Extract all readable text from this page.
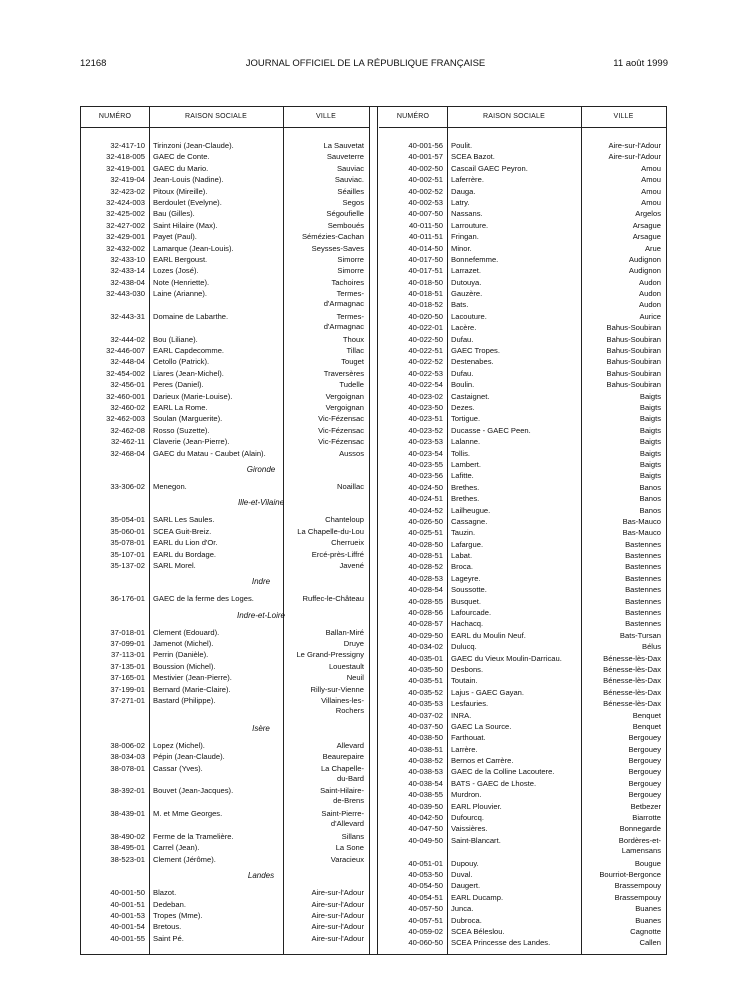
12168	JOURNAL OFFICIEL DE LA RÉPUBLIQUE FRANÇAISE	11 août 1999
NUMÉRO	RAISON SOCIALE	VILLE
32-417-10 Tirinzoni (Jean-Claude).	La Sauvetat
32-418-005 GAEC de Conte.	Sauveterre
32-419-001 GAEC du Mario.	Sauviac
32-419-04 Jean-Louis (Nadine).	Sauviac.
32-423-02 Pitoux (Mireille).	Séailles
32-424-003 Berdoulet (Evelyne).	Segos
32-425-002 Bau (Gilles).	Ségoufielle
32-427-002 Saint Hilaire (Max).	Semboués
32-429-001 Payet (Paul).	Sémézies-Cachan
32-432-002 Lamarque (Jean-Louis).	Seysses-Saves
32-433-10 EARL Bergoust.	Simorre
32-433-14 Lozes (José).	Simorre
32-438-04 Note (Henriette).	Tachoires
32-443-030 Laine (Arianne).	Termes-
d'Armagnac
32-443-31 Domaine de Labarthe.	Termes-
d'Armagnac
32-444-02 Bou (Liliane).	Thoux
32-446-007 EARL Capdecomme.	Tillac
32-448-04 Cetollo (Patrick).	Touget
32-454-002 Liares (Jean-Michel).	Traversères
32-456-01 Peres (Daniel).	Tudelle
32-460-001 Darieux (Marie-Louise).	Vergoignan
32-460-02 EARL La Rome.	Vergoignan
32-462-003 Soulan (Marguerite).	Vic-Fézensac
32-462-08 Rosso (Suzette).	Vic-Fézensac
32-462-11 Claverie (Jean-Pierre).	Vic-Fézensac
32-468-04 GAEC du Matau - Caubet (Alain).	Aussos
Gironde
33-306-02 Menegon.	Noaillac
Ille-et-Vilaine
35-054-01 SARL Les Saules.	Chanteloup
35-060-01 SCEA Guit-Breiz.	La Chapelle-du-Lou
35-078-01 EARL du Lion d'Or.	Cherrueix
35-107-01 EARL du Bordage.	Ercé-près-Liffré
35-137-02 SARL Morel.	Javené
Indre
36-176-01 GAEC de la ferme des Loges.	Ruffec-le-Château
Indre-et-Loire
37-018-01 Clement (Edouard).	Ballan-Miré
37-099-01 Jamenot (Michel).	Druye
37-113-01 Perrin (Danièle).	Le Grand-Pressigny
37-135-01 Boussion (Michel).	Louestault
37-165-01 Mestivier (Jean-Pierre).	Neuil
37-199-01 Bernard (Marie-Claire).	Rilly-sur-Vienne
37-271-01 Bastard (Philippe).	Villaines-les-
Rochers
Isère
38-006-02 Lopez (Michel).	Allevard
38-034-03 Pépin (Jean-Claude).	Beaurepaire
38-078-01 Cassar (Yves).	La Chapelle-
du-Bard
38-392-01 Bouvet (Jean-Jacques).	Saint-Hilaire-
de-Brens
38-439-01 M. et Mme Georges.	Saint-Pierre-
d'Allevard
38-490-02 Ferme de la Tramelière.	Sillans
38-495-01 Carrel (Jean).	La Sone
38-523-01 Clement (Jérôme).	Varacieux
Landes
40-001-50 Blazot.	Aire-sur-l'Adour
40-001-51 Dedeban.	Aire-sur-l'Adour
40-001-53 Tropes (Mme).	Aire-sur-l'Adour
40-001-54 Bretous.	Aire-sur-l'Adour
40-001-55 Saint Pé.	Aire-sur-l'Adour
NUMÉRO	RAISON SOCIALE	VILLE
40-001-56 Poulit.	Aire-sur-l'Adour
40-001-57 SCEA Bazot.	Aire-sur-l'Adour
40-002-50 Cascail GAEC Peyron.	Amou
40-002-51 Laferrère.	Amou
40-002-52 Dauga.	Amou
40-002-53 Latry.	Amou
40-007-50 Nassans.	Argelos
40-011-50 Larrouture.	Arsague
40-011-51 Fringan.	Arsague
40-014-50 Minor.	Arue
40-017-50 Bonnefemme.	Audignon
40-017-51 Larrazet.	Audignon
40-018-50 Dutouya.	Audon
40-018-51 Gauzère.	Audon
40-018-52 Bats.	Audon
40-020-50 Lacouture.	Aurice
40-022-01 Lacère.	Bahus-Soubiran
40-022-50 Dufau.	Bahus-Soubiran
40-022-51 GAEC Tropes.	Bahus-Soubiran
40-022-52 Destenabes.	Bahus-Soubiran
40-022-53 Dufau.	Bahus-Soubiran
40-022-54 Boulin.	Bahus-Soubiran
40-023-02 Castaignet.	Baigts
40-023-50 Dezes.	Baigts
40-023-51 Tortigue.	Baigts
40-023-52 Ducasse - GAEC Peen.	Baigts
40-023-53 Lalanne.	Baigts
40-023-54 Tollis.	Baigts
40-023-55 Lambert.	Baigts
40-023-56 Lafitte.	Baigts
40-024-50 Brethes.	Banos
40-024-51 Brethes.	Banos
40-024-52 Lailheugue.	Banos
40-026-50 Cassagne.	Bas-Mauco
40-025-51 Tauzin.	Bas-Mauco
40-028-50 Lafargue.	Bastennes
40-028-51 Labat.	Bastennes
40-028-52 Broca.	Bastennes
40-028-53 Lageyre.	Bastennes
40-028-54 Soussotte.	Bastennes
40-028-55 Busquet.	Bastennes
40-028-56 Lafourcade.	Bastennes
40-028-57 Hachacq.	Bastennes
40-029-50 EARL du Moulin Neuf.	Bats-Tursan
40-034-02 Dulucq.	Bélus
40-035-01 GAEC du Vieux Moulin-Darricau.	Bénesse-lès-Dax
40-035-50 Desbons.	Bénesse-lès-Dax
40-035-51 Toutain.	Bénesse-lès-Dax
40-035-52 Lajus - GAEC Gayan.	Bénesse-lès-Dax
40-035-53 Lesfauries.	Bénesse-lès-Dax
40-037-02 INRA.	Benquet
40-037-50 GAEC La Source.	Benquet
40-038-50 Farthouat.	Bergouey
40-038-51 Larrère.	Bergouey
40-038-52 Bernos et Carrère.	Bergouey
40-038-53 GAEC de la Colline Lacoutere.	Bergouey
40-038-54 BATS - GAEC de Lhoste.	Bergouey
40-038-55 Murdron.	Bergouey
40-039-50 EARL Plouvier.	Betbezer
40-042-50 Dufourcq.	Biarrotte
40-047-50 Vaissières.	Bonnegarde
40-049-50 Saint-Blancart.	Bordères-et-
Lamensans
40-051-01 Dupouy.	Bougue
40-053-50 Duval.	Bourriot-Bergonce
40-054-50 Daugert.	Brassempouy
40-054-51 EARL Ducamp.	Brassempouy
40-057-50 Junca.	Buanes
40-057-51 Dubroca.	Buanes
40-059-02 SCEA Béleslou.	Cagnotte
40-060-50 SCEA Princesse des Landes.	Callen
